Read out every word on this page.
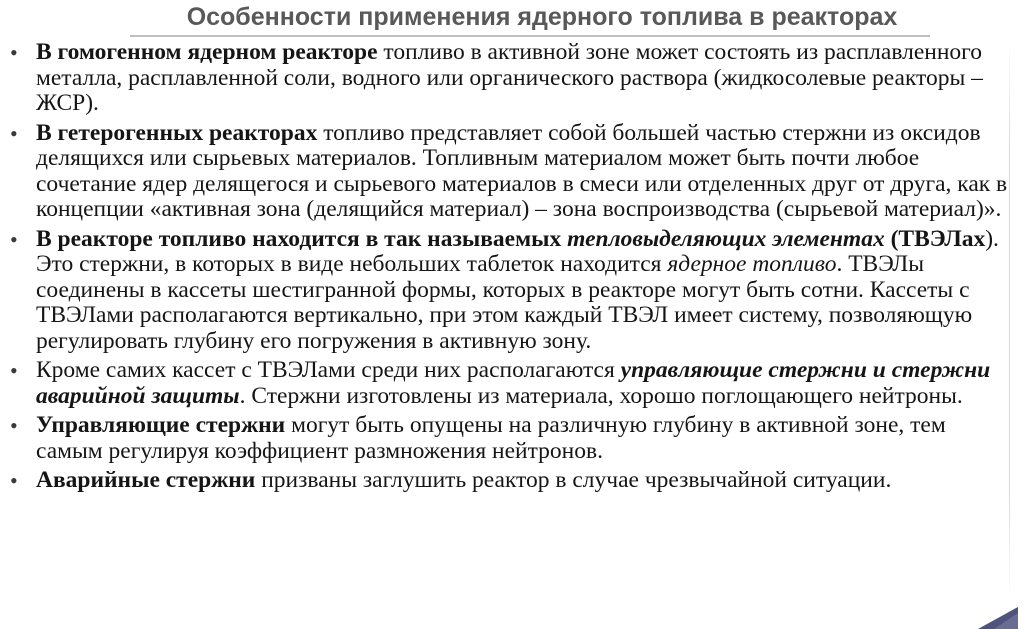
Особенности применения ядерного топлива в реакторах
• В гомогенном ядерном реакторе топливо в активной зоне может состоять из расплавленного металла, расплавленной соли, водного или органического раствора (жидкосолевые реакторы – ЖСР).
• В гетерогенных реакторах топливо представляет собой большей частью стержни из оксидов делящихся или сырьевых материалов. Топливным материалом может быть почти любое сочетание ядер делящегося и сырьевого материалов в смеси или отделенных друг от друга, как в концепции «активная зона (делящийся материал) – зона воспроизводства (сырьевой материал)».
• В реакторе топливо находится в так называемых тепловыделяющих элементах (ТВЭЛах). Это стержни, в которых в виде небольших таблеток находится ядерное топливо. ТВЭЛы соединены в кассеты шестигранной формы, которых в реакторе могут быть сотни. Кассеты с ТВЭЛами располагаются вертикально, при этом каждый ТВЭЛ имеет систему, позволяющую регулировать глубину его погружения в активную зону.
• Кроме самих кассет с ТВЭЛами среди них располагаются управляющие стержни и стержни аварийной защиты. Стержни изготовлены из материала, хорошо поглощающего нейтроны.
• Управляющие стержни могут быть опущены на различную глубину в активной зоне, тем самым регулируя коэффициент размножения нейтронов.
• Аварийные стержни призваны заглушить реактор в случае чрезвычайной ситуации.
